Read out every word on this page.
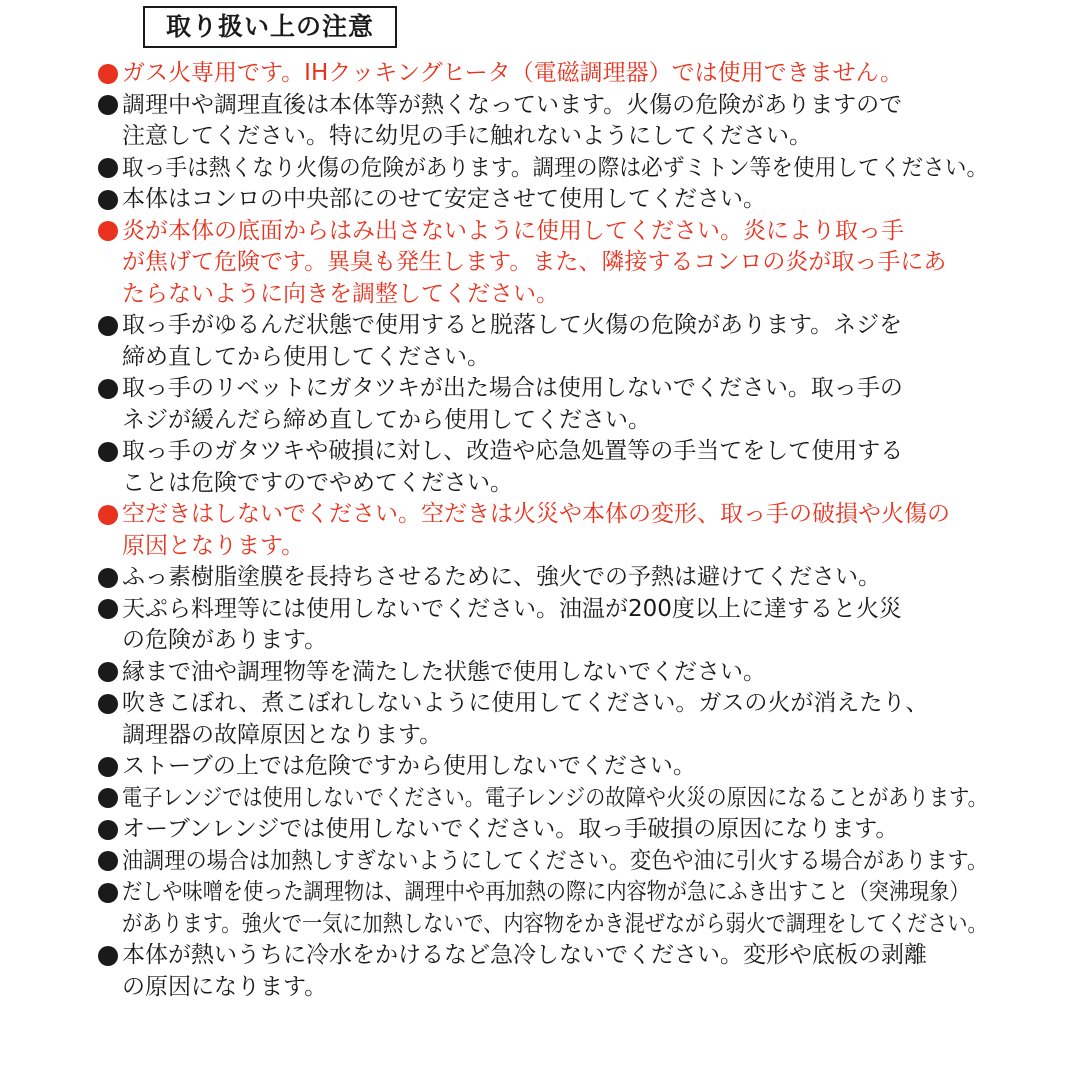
取り扱い上の注意
ガス火専用です。IHクッキングヒータ（電磁調理器）では使用できません。
調理中や調理直後は本体等が熱くなっています。火傷の危険がありますので
注意してください。特に幼児の手に触れないようにしてください。
取っ手は熱くなり火傷の危険があります。調理の際は必ずミトン等を使用してください。
本体はコンロの中央部にのせて安定させて使用してください。
炎が本体の底面からはみ出さないように使用してください。炎により取っ手
が焦げて危険です。異臭も発生します。また、隣接するコンロの炎が取っ手にあ
たらないように向きを調整してください。
取っ手がゆるんだ状態で使用すると脱落して火傷の危険があります。ネジを
締め直してから使用してください。
取っ手のリベットにガタツキが出た場合は使用しないでください。取っ手の
ネジが緩んだら締め直してから使用してください。
取っ手のガタツキや破損に対し、改造や応急処置等の手当てをして使用する
ことは危険ですのでやめてください。
空だきはしないでください。空だきは火災や本体の変形、取っ手の破損や火傷の
原因となります。
ふっ素樹脂塗膜を長持ちさせるために、強火での予熱は避けてください。
天ぷら料理等には使用しないでください。油温が200度以上に達すると火災
の危険があります。
縁まで油や調理物等を満たした状態で使用しないでください。
吹きこぼれ、煮こぼれしないように使用してください。ガスの火が消えたり、
調理器の故障原因となります。
ストーブの上では危険ですから使用しないでください。
電子レンジでは使用しないでください。電子レンジの故障や火災の原因になることがあります。
オーブンレンジでは使用しないでください。取っ手破損の原因になります。
油調理の場合は加熱しすぎないようにしてください。変色や油に引火する場合があります。
だしや味噌を使った調理物は、調理中や再加熱の際に内容物が急にふき出すこと（突沸現象）
があります。強火で一気に加熱しないで、内容物をかき混ぜながら弱火で調理をしてください。
本体が熱いうちに冷水をかけるなど急冷しないでください。変形や底板の剥離
の原因になります。
